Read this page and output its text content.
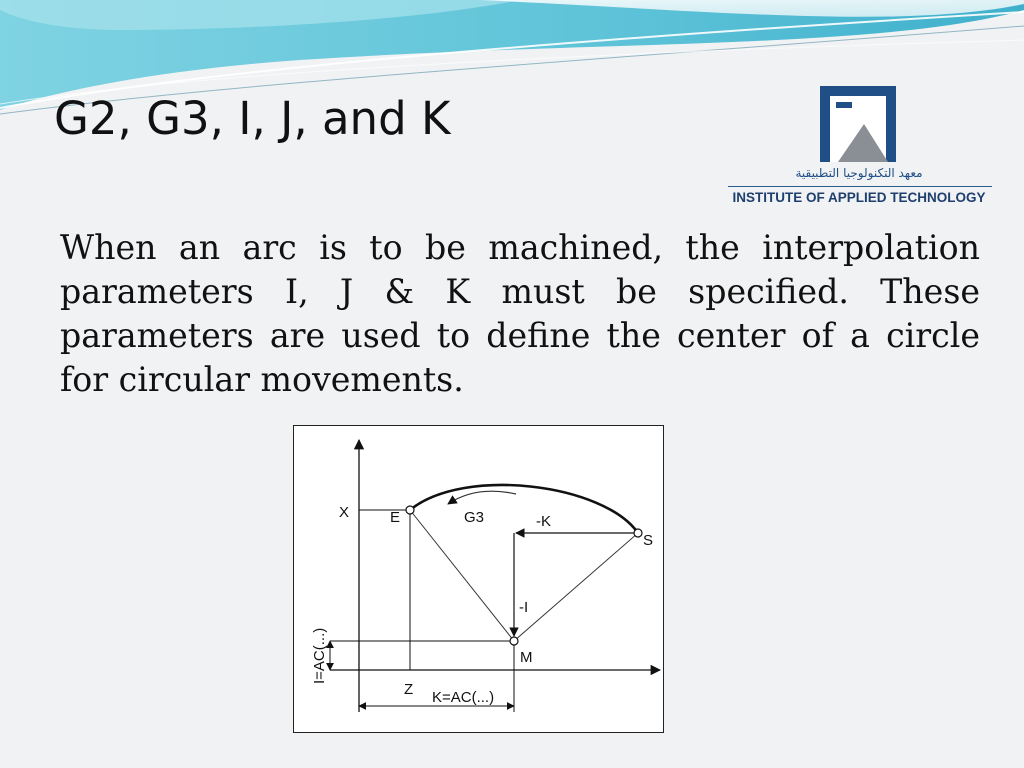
G2, G3, I, J, and K
معهد التكنولوجيا التطبيقية
INSTITUTE OF APPLIED TECHNOLOGY
When an arc is to be machined, the interpolation parameters I, J & K must be specified. These parameters are used to define the center of a circle for circular movements.
X	E	G3	-K
S
-I
M
Z K=AC(...)
I=AC(...)
